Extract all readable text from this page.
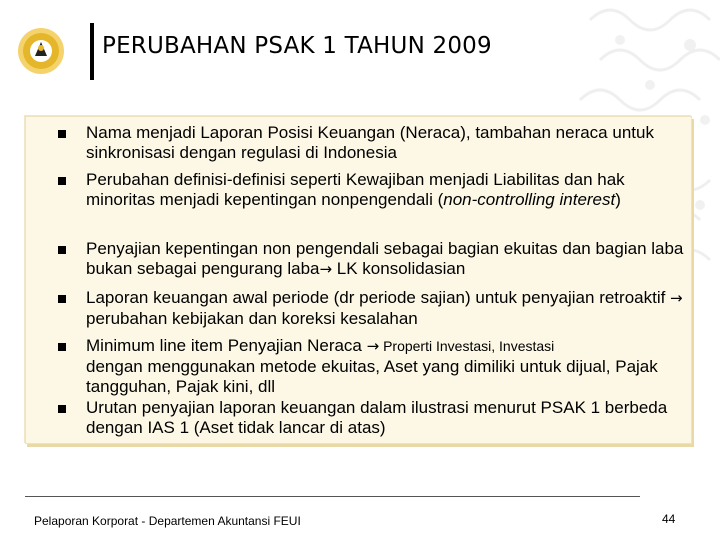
PERUBAHAN PSAK 1 TAHUN 2009
Nama menjadi Laporan Posisi Keuangan (Neraca), tambahan neraca untuk sinkronisasi dengan regulasi di Indonesia
Perubahan definisi-definisi seperti Kewajiban menjadi Liabilitas dan hak minoritas menjadi kepentingan nonpengendali (non-controlling interest)
Penyajian kepentingan non pengendali sebagai bagian ekuitas dan bagian laba bukan sebagai pengurang laba→ LK konsolidasian
Laporan keuangan awal periode (dr periode sajian) untuk penyajian retroaktif → perubahan kebijakan dan koreksi kesalahan
Minimum line item Penyajian Neraca → Properti Investasi, Investasi
dengan menggunakan metode ekuitas, Aset yang dimiliki untuk dijual, Pajak tangguhan, Pajak kini, dll
Urutan penyajian laporan keuangan dalam ilustrasi menurut PSAK 1 berbeda dengan IAS 1 (Aset tidak lancar di atas)
Pelaporan Korporat - Departemen Akuntansi FEUI	44
